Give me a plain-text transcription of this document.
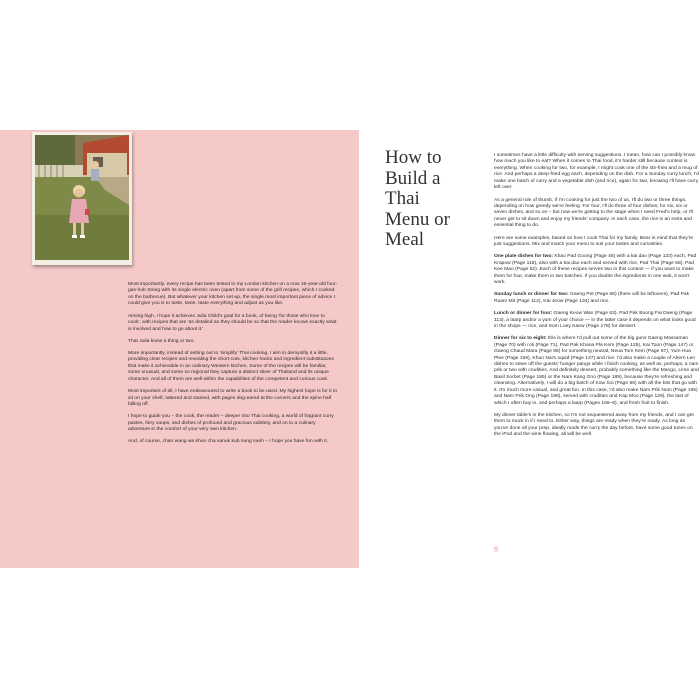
Most importantly, every recipe has been tested in my London kitchen on a now 15-year-old four-gas-hob Smeg with its single electric oven (apart from some of the grill recipes, which I cooked on the barbecue). But whatever your kitchen set-up, the single most important piece of advice I could give you is to taste, taste, taste everything and adjust as you like.

Aiming high, I hope it achieves Julia Child's goal for a book, of being 'for those who love to cook', with recipes that are 'as detailed as they should be so that the reader knows exactly what is involved and how to go about it.'

That Julia knew a thing or two.

More importantly, instead of setting out to 'simplify' Thai cooking, I aim to demystify it a little, providing clear recipes and revealing the short-cuts, kitchen hacks and ingredient substitutions that make it achievable in an ordinary Western kitchen. Some of the recipes will be familiar, some unusual, and some so regional they capture a distinct sliver of Thailand and its unique character. And all of them are well within the capabilities of the competent and curious cook.

Most important of all, I have endeavoured to write a book to be used. My highest hope is for it to sit on your shelf, tattered and stained, with pages dog-eared at the corners and the spine half falling off.

I hope to guide you – the cook, the reader – deeper into Thai cooking, a world of fragrant curry pastes, fiery soups, and dishes of profound and gracious subtlety, and on to a culinary adventure in the comfort of your very own kitchen.

And, of course, chan wang wa khun cha sanuk kub nung sueh – I hope you have fun with it.

How to Build a Thai Menu or Meal

I sometimes have a little difficulty with serving suggestions. I mean, how can I possibly know how much you like to eat? When it comes to Thai food, it's harder still because context is everything. When cooking for two, for example, I might cook one of the stir-fries and a mug of rice. And perhaps a deep-fried egg each, depending on the dish. For a Sunday curry lunch, I'd make one batch of curry and a vegetable dish (and rice), again for two, knowing I'll have curry left over.

As a general rule of thumb, if I'm cooking for just the two of us, I'll do two or three things, depending on how greedy we're feeling. For four, I'll do three of four dishes; for six, six or seven dishes, and so on – but now we're getting to the stage when I need Fred's help, or I'll never get to sit down and enjoy my friends' company. In each case, the rice is an extra and essential thing to do.

Here are some examples, based on how I cook Thai for my family. Bear in mind that they're just suggestions. Mix and match your menu to suit your tastes and curiosities.

One plate dishes for two: Khao Pad Goong (Page 45) with a kai dao (Page 133) each, Pad Krapow (Page 118), also with a kai dao each and served with rice, Pad Thai (Page 58), Pad Kee Mao (Page 52). Each of these recipes serves two in this context — if you want to make them for four, make them in two batches. If you double the ingredients in one wok, it won't work.

Sunday lunch or dinner for two: Gaeng Pet (Page 66) (there will be leftovers), Pad Pak Ruam Mit (Page 112), Kai Jeow (Page 134) and rice.

Lunch or dinner for four: Gaeng Keow Wan (Page 63), Pad Pak Boong Fai Daeng (Page 113), a laarp and/or a yum of your choice — in the latter case it depends on what looks good in the shops — rice, and Som Loey Kaew (Page 178) for dessert.

Dinner for six to eight: this is where I'd pull out some of the big guns Gaeng Massaman (Page 70) with roti (Page 71), Pad Pak Khana Pla Kem (Page 125), Kai Toon (Page 147) or Gaeng Chaud Mara (Page 86) for something neutral, Neua Tom Kem (Page 97), Yum Hua Plee (Page 159), Khun Nai's squid (Page 137) and rice. I'd also make a couple of Ahern Len dishes to stave off the guests' hunger pangs while I finish cooking, as well as, perhaps, a nam prik or two with crudities. And definitely dessert, probably something like the Mango, Lime and Basil Sorbet (Page 186) or the Nam Kang Gno (Page 189), because they're refreshing and cleansing. Alternatively, I will do a big batch of Kow Soi (Page 56) with all the bits that go with it. It's much more casual, and great fun. In this case, I'd also make Nam Prik Num (Page 195) and Nam Prik Ong (Page 198), served with crudities and Kap Moo (Page 129), the last of which I often buy in, and perhaps a laarp (Pages 166–8), and fresh fruit to finish.

My dinner table's in the kitchen, so I'm not sequestered away from my friends, and I can get them to muck in if I need to. Either way, things are ready when they're ready. As long as you've done all your prep, ideally made the curry the day before, have some good tunes on the iPod and the wine flowing, all will be well.

9
